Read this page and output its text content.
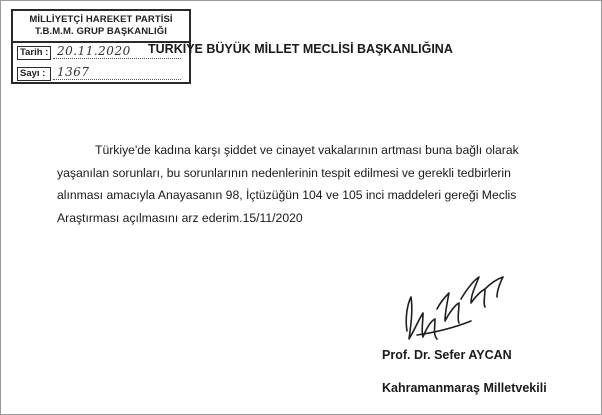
MİLLİYETÇİ HAREKET PARTİSİ
T.B.M.M. GRUP BAŞKANLIĞI
Tarih : 20.11.2020
Sayı : 1367
TÜRKİYE BÜYÜK MİLLET MECLİSİ BAŞKANLIĞINA
Türkiye'de kadına karşı şiddet ve cinayet vakalarının artması buna bağlı olarak
yaşanılan sorunları, bu sorunlarının nedenlerinin tespit edilmesi ve gerekli tedbirlerin
alınması amacıyla Anayasanın 98, İçtüzüğün 104 ve 105 inci maddeleri gereği Meclis
Araştırması açılmasını arz ederim.15/11/2020
Prof. Dr. Sefer AYCAN
Kahramanmaraş Milletvekili
